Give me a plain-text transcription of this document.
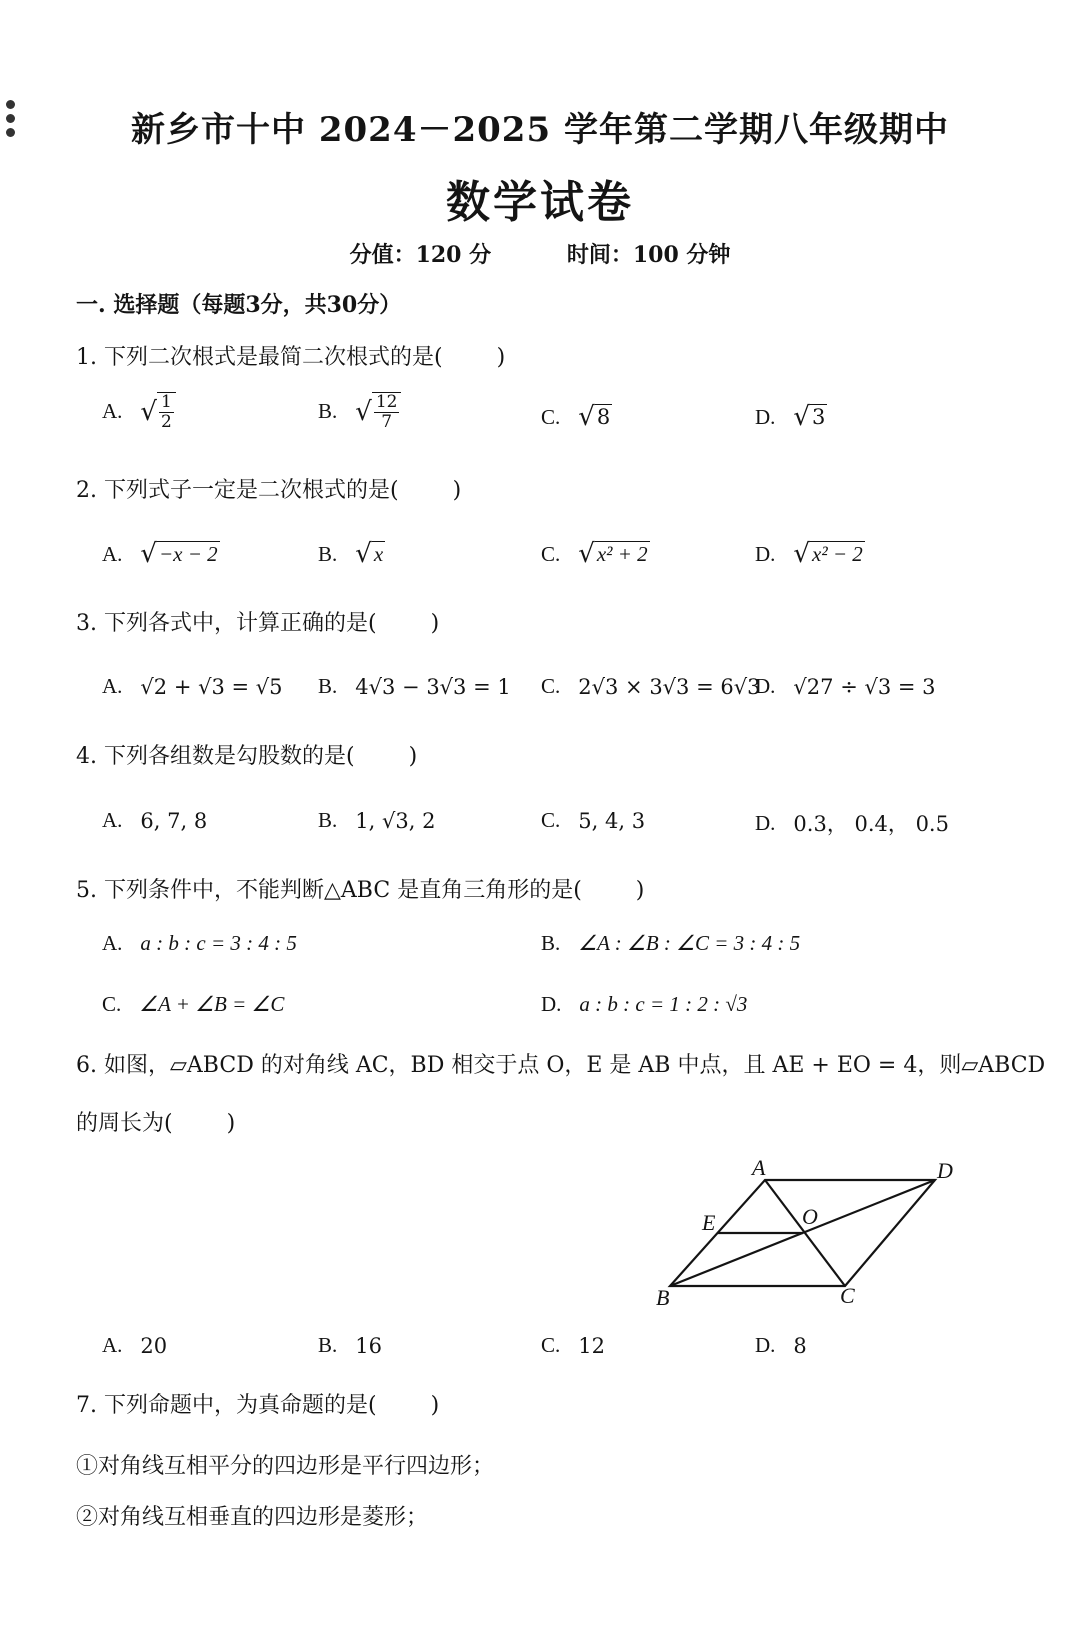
新乡市十中 2024－2025 学年第二学期八年级期中
数学试卷
分值：120 分	时间：100 分钟
一. 选择题（每题3分，共30分）
1. 下列二次根式是最简二次根式的是( )
A. √ $\frac{1}{2}$	B. √ $\frac{12}{7}$	C. √ 8	D. √ 3
2. 下列式子一定是二次根式的是( )
A. √ −x − 2	B. √ x	C. √ x² + 2	D. √ x² − 2
3. 下列各式中，计算正确的是( )
A. √2 + √3 = √5 B. 4√3 − 3√3 = 1 C. 2√3 × 3√3 = 6√3
D. √27 ÷ √3 = 3
4. 下列各组数是勾股数的是( )
A. 6, 7, 8	B. 1, √3, 2	C. 5, 4, 3	D. 0.3， 0.4， 0.5
5. 下列条件中，不能判断△ABC 是直角三角形的是( )
A. a : b : c = 3 : 4 : 5	B. ∠A : ∠B : ∠C = 3 : 4 : 5
C. ∠A + ∠B = ∠C	D. a : b : c = 1 : 2 : √3
6. 如图，▱ABCD 的对角线 AC，BD 相交于点 O，E 是 AB 中点，且 AE + EO = 4，则▱ABCD
的周长为( )
A	D
E	O
B	C
A. 20	B. 16	C. 12	D. 8
7. 下列命题中，为真命题的是( )
①对角线互相平分的四边形是平行四边形；
②对角线互相垂直的四边形是菱形；
